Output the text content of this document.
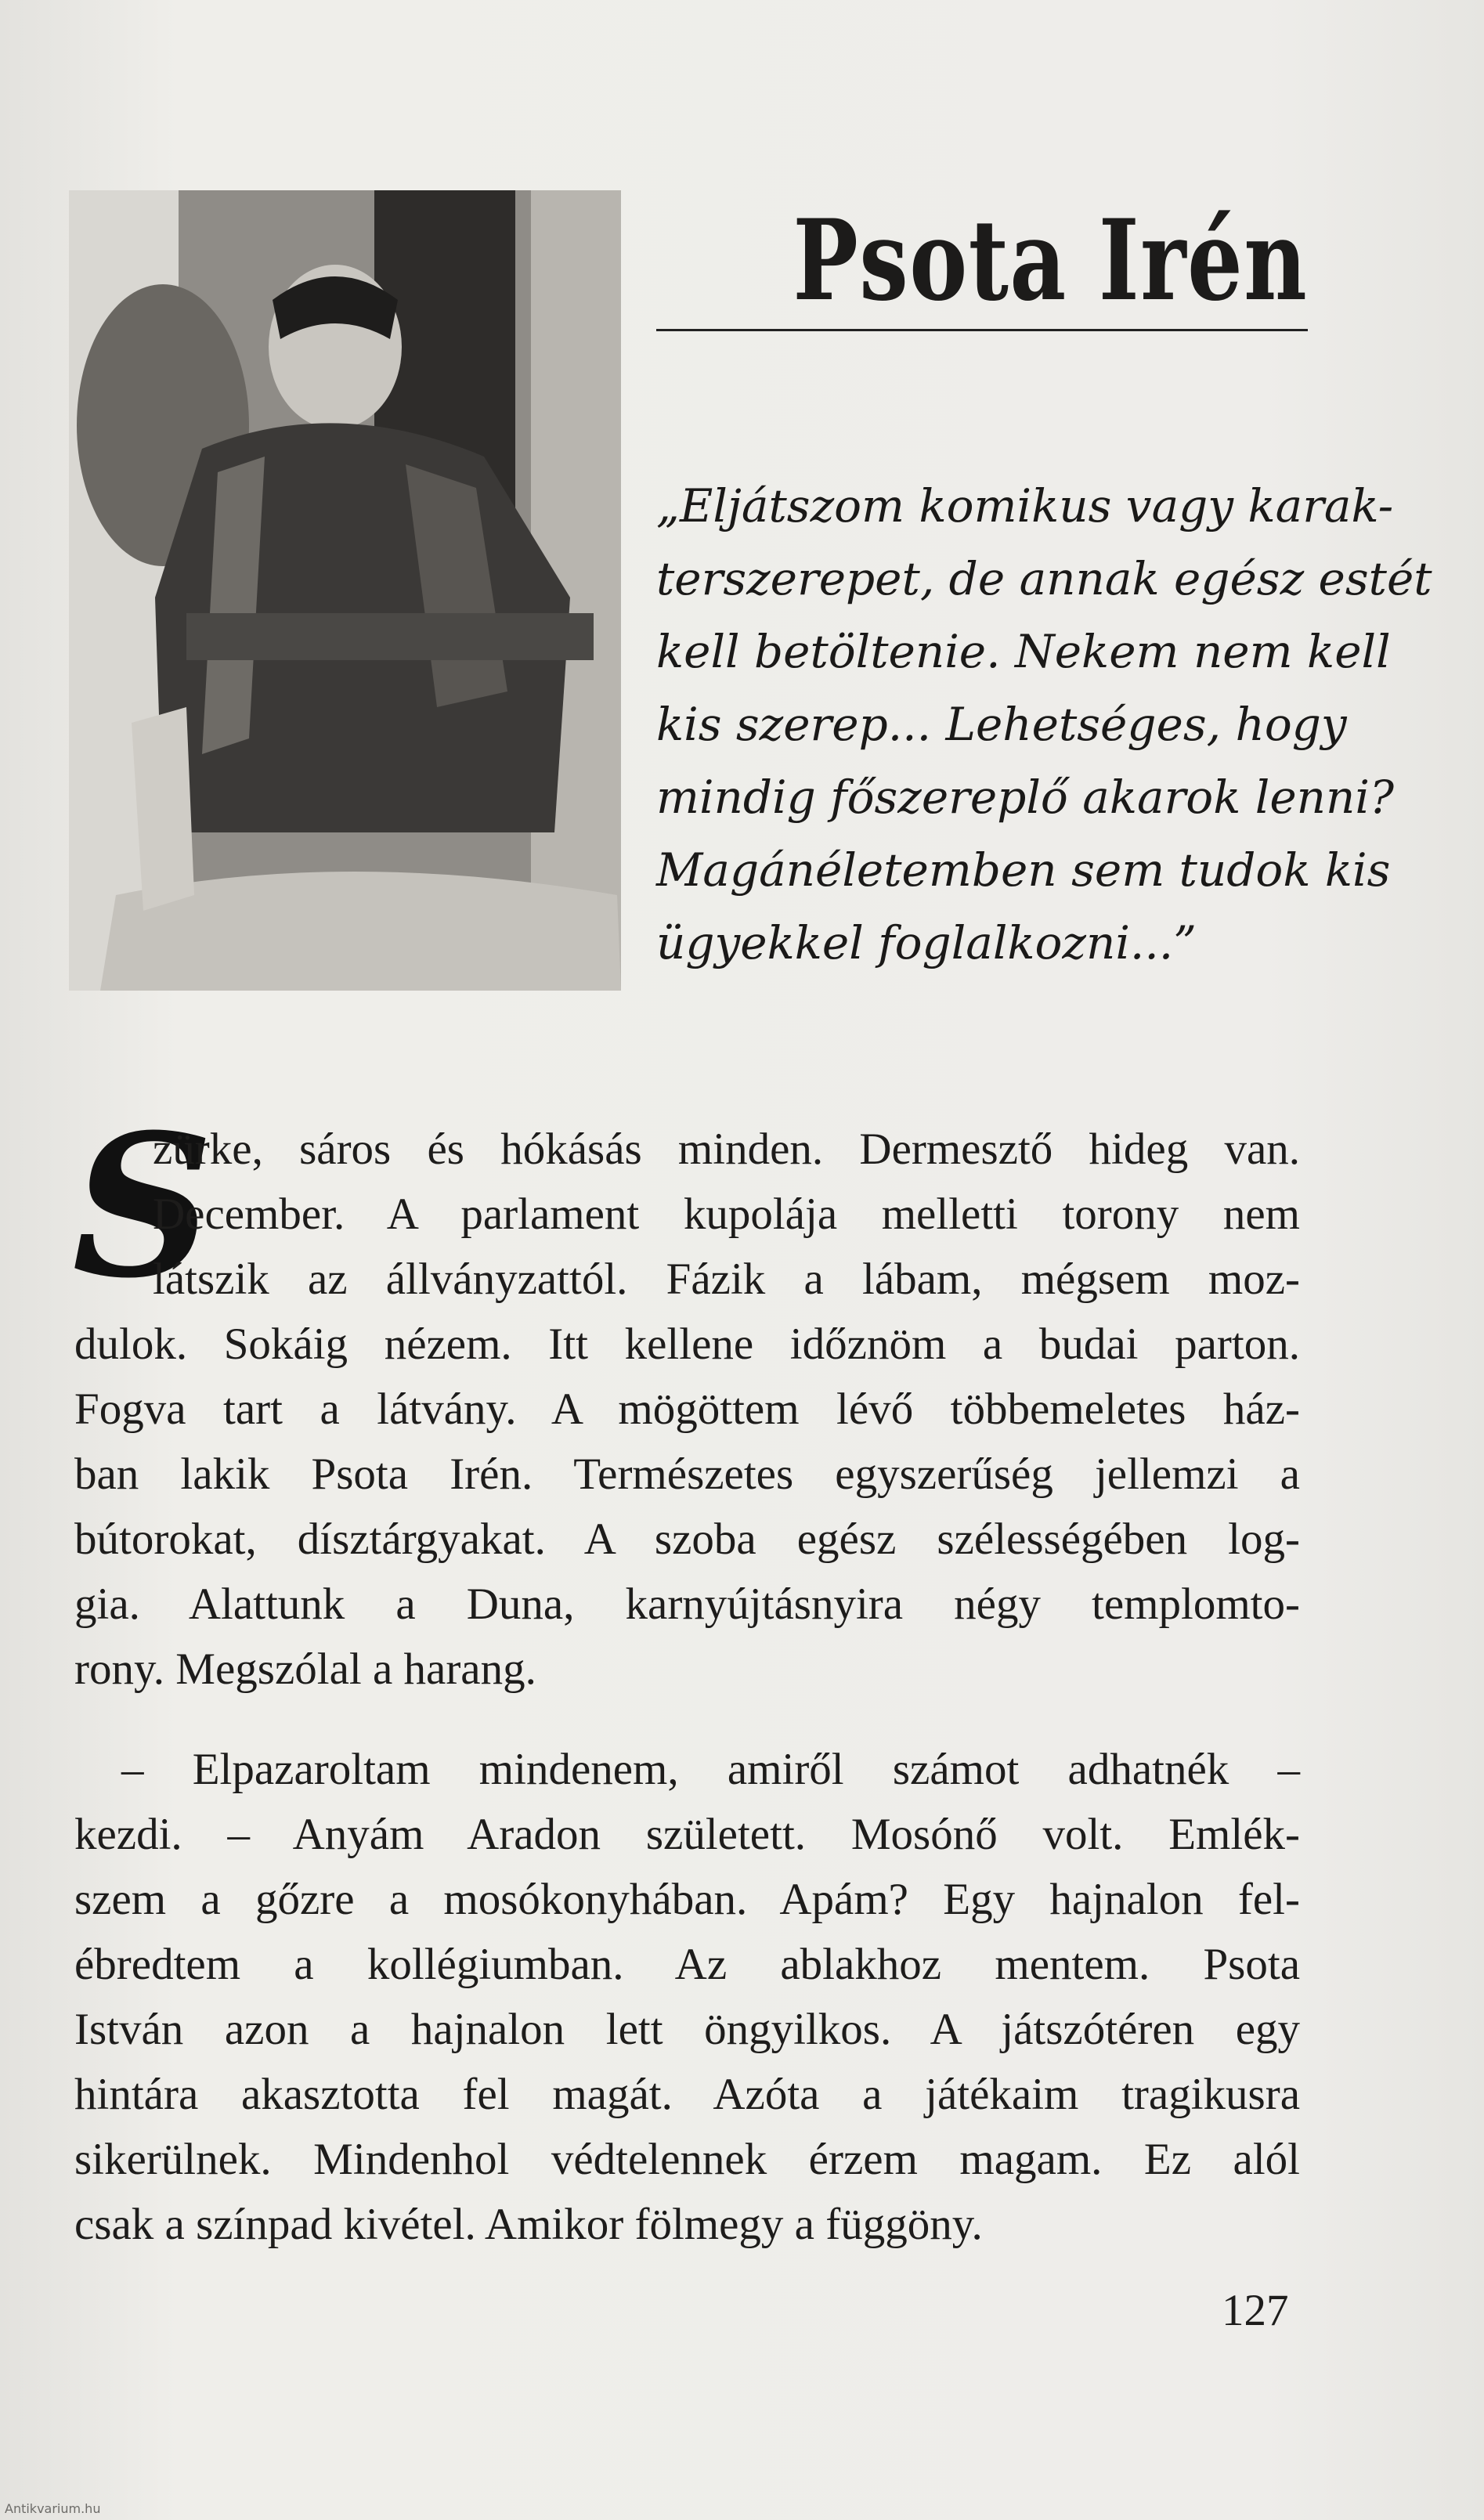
Psota Irén
„Eljátszom komikus vagy karak-
terszerepet, de annak egész estét
kell betöltenie. Nekem nem kell
kis szerep... Lehetséges, hogy
mindig főszereplő akarok lenni?
Magánéletemben sem tudok kis
ügyekkel foglalkozni...”
S
zürke, sáros és hókásás minden. Dermesztő hideg van.
December. A parlament kupolája melletti torony nem
látszik az állványzattól. Fázik a lábam, mégsem moz-
dulok. Sokáig nézem. Itt kellene időznöm a budai parton.
Fogva tart a látvány. A mögöttem lévő többemeletes ház-
ban lakik Psota Irén. Természetes egyszerűség jellemzi a
bútorokat, dísztárgyakat. A szoba egész szélességében log-
gia. Alattunk a Duna, karnyújtásnyira négy templomto-
rony. Megszólal a harang.
– Elpazaroltam mindenem, amiről számot adhatnék –
kezdi. – Anyám Aradon született. Mosónő volt. Emlék-
szem a gőzre a mosókonyhában. Apám? Egy hajnalon fel-
ébredtem a kollégiumban. Az ablakhoz mentem. Psota
István azon a hajnalon lett öngyilkos. A játszótéren egy
hintára akasztotta fel magát. Azóta a játékaim tragikusra
sikerülnek. Mindenhol védtelennek érzem magam. Ez alól
csak a színpad kivétel. Amikor fölmegy a függöny.
127
Antikvarium.hu
